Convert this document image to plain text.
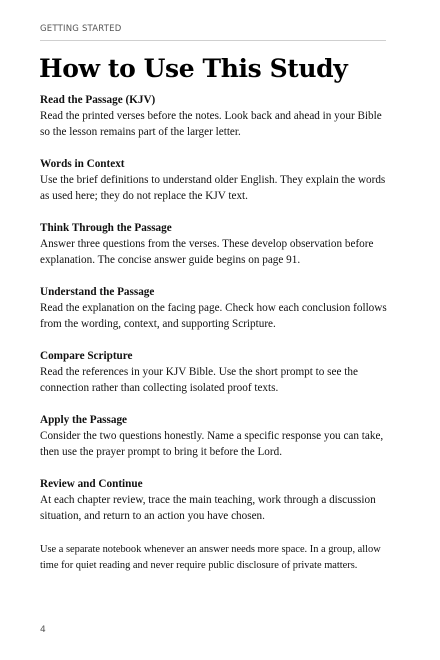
GETTING STARTED
How to Use This Study

Read the Passage (KJV)

Read the printed verses before the notes. Look back and ahead in your Bible so the lesson remains part of the larger letter.

Words in Context

Use the brief definitions to understand older English. They explain the words as used here; they do not replace the KJV text.

Think Through the Passage

Answer three questions from the verses. These develop observation before explanation. The concise answer guide begins on page 91.

Understand the Passage

Read the explanation on the facing page. Check how each conclusion follows from the wording, context, and supporting Scripture.

Compare Scripture

Read the references in your KJV Bible. Use the short prompt to see the connection rather than collecting isolated proof texts.

Apply the Passage

Consider the two questions honestly. Name a specific response you can take, then use the prayer prompt to bring it before the Lord.

Review and Continue

At each chapter review, trace the main teaching, work through a discussion situation, and return to an action you have chosen.

Use a separate notebook whenever an answer needs more space. In a group, allow time for quiet reading and never require public disclosure of private matters.

4
